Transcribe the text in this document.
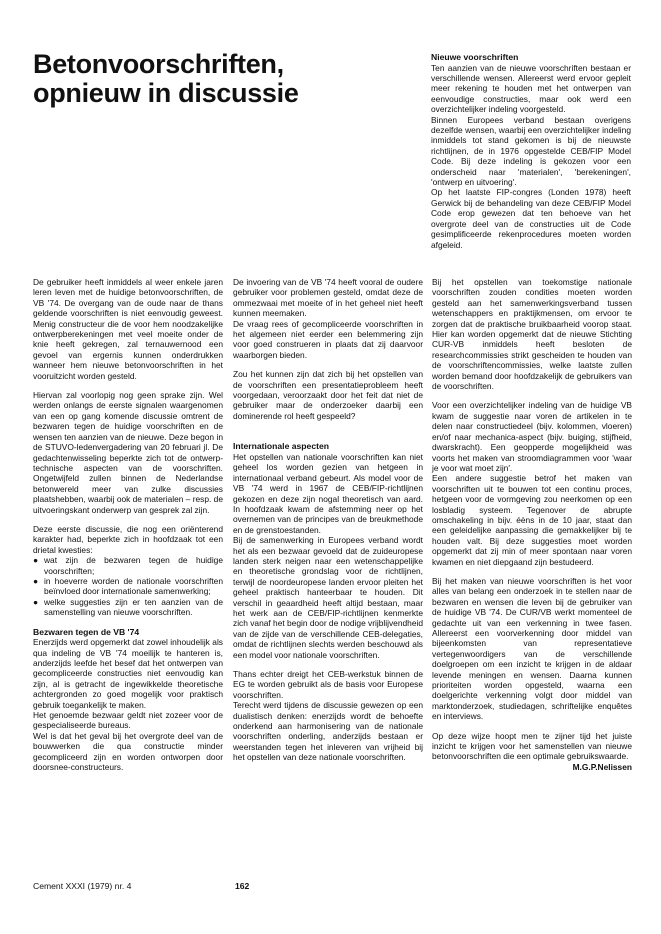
Betonvoorschriften,
opnieuw in discussie
Nieuwe voorschriften

Ten aanzien van de nieuwe voorschriften bestaan er verschillende wensen. Allereerst werd ervoor gepleit meer rekening te houden met het ontwerpen van eenvoudige constructies, maar ook werd een overzichtelijker indeling voorgesteld.

Binnen Europees verband bestaan overigens dezelfde wensen, waarbij een overzichtelijker indeling inmiddels tot stand gekomen is bij de nieuwste richtlijnen, de in 1976 opgestelde CEB/FIP Model Code. Bij deze indeling is gekozen voor een onderscheid naar 'materialen', 'berekeningen', 'ontwerp en uitvoering'.

Op het laatste FIP-congres (Londen 1978) heeft Gerwick bij de behandeling van deze CEB/FIP Model Code erop gewezen dat ten behoeve van het overgrote deel van de constructies uit de Code gesimplificeerde rekenprocedures moeten worden afgeleid.

De gebruiker heeft inmiddels al weer enkele jaren leren leven met de huidige betonvoorschriften, de VB '74. De overgang van de oude naar de thans geldende voorschriften is niet eenvoudig geweest. Menig constructeur die de voor hem noodzakelijke ontwerpberekeningen met veel moeite onder de knie heeft gekregen, zal ternauwernood een gevoel van ergernis kunnen onderdrukken wanneer hem nieuwe betonvoorschriften in het vooruitzicht worden gesteld.

Hiervan zal voorlopig nog geen sprake zijn. Wel werden onlangs de eerste signalen waargenomen van een op gang komende discussie omtrent de bezwaren tegen de huidige voorschriften en de wensen ten aanzien van de nieuwe. Deze begon in de STUVO-ledenvergadering van 20 februari jl. De gedachtenwisseling beperkte zich tot de ontwerp-technische aspecten van de voorschriften. Ongetwijfeld zullen binnen de Nederlandse betonwereld meer van zulke discussies plaatshebben, waarbij ook de materialen – resp. de uitvoeringskant onderwerp van gesprek zal zijn.

Deze eerste discussie, die nog een oriënterend karakter had, beperkte zich in hoofdzaak tot een drietal kwesties:

● wat zijn de bezwaren tegen de huidige voorschriften;
● in hoeverre worden de nationale voorschriften beïnvloed door internationale samenwerking;
● welke suggesties zijn er ten aanzien van de samenstelling van nieuwe voorschriften.
Bezwaren tegen de VB '74

Enerzijds werd opgemerkt dat zowel inhoudelijk als qua indeling de VB '74 moeilijk te hanteren is, anderzijds leefde het besef dat het ontwerpen van gecompliceerde constructies niet eenvoudig kan zijn, al is getracht de ingewikkelde theoretische achtergronden zo goed mogelijk voor praktisch gebruik toegankelijk te maken.

Het genoemde bezwaar geldt niet zozeer voor de gespecialiseerde bureaus.

Wel is dat het geval bij het overgrote deel van de bouwwerken die qua constructie minder gecompliceerd zijn en worden ontworpen door doorsnee-constructeurs.

De invoering van de VB '74 heeft vooral de oudere gebruiker voor problemen gesteld, omdat deze de ommezwaai met moeite of in het geheel niet heeft kunnen meemaken.

De vraag rees of gecompliceerde voorschriften in het algemeen niet eerder een belemmering zijn voor goed construeren in plaats dat zij daarvoor waarborgen bieden.

Zou het kunnen zijn dat zich bij het opstellen van de voorschriften een presentatieprobleem heeft voorgedaan, veroorzaakt door het feit dat niet de gebruiker maar de onderzoeker daarbij een dominerende rol heeft gespeeld?

Internationale aspecten

Het opstellen van nationale voorschriften kan niet geheel los worden gezien van hetgeen in internationaal verband gebeurt. Als model voor de VB '74 werd in 1967 de CEB/FIP-richtlijnen gekozen en deze zijn nogal theoretisch van aard. In hoofdzaak kwam de afstemming neer op het overnemen van de principes van de breukmethode en de grenstoestanden.

Bij de samenwerking in Europees verband wordt het als een bezwaar gevoeld dat de zuideuropese landen sterk neigen naar een wetenschappelijke en theoretische grondslag voor de richtlijnen, terwijl de noordeuropese landen ervoor pleiten het geheel praktisch hanteerbaar te houden. Dit verschil in geaardheid heeft altijd bestaan, maar het werk aan de CEB/FIP-richtlijnen kenmerkte zich vanaf het begin door de nodige vrijblijvendheid van de zijde van de verschillende CEB-delegaties, omdat de richtlijnen slechts werden beschouwd als een model voor nationale voorschriften.

Thans echter dreigt het CEB-werkstuk binnen de EG te worden gebruikt als de basis voor Europese voorschriften.

Terecht werd tijdens de discussie gewezen op een dualistisch denken: enerzijds wordt de behoefte onderkend aan harmonisering van de nationale voorschriften onderling, anderzijds bestaan er weerstanden tegen het inleveren van vrijheid bij het opstellen van deze nationale voorschriften.

Bij het opstellen van toekomstige nationale voorschriften zouden condities moeten worden gesteld aan het samenwerkingsverband tussen wetenschappers en praktijkmensen, om ervoor te zorgen dat de praktische bruikbaarheid voorop staat. Hier kan worden opgemerkt dat de nieuwe Stichting CUR-VB inmiddels heeft besloten de researchcommissies strikt gescheiden te houden van de voorschriftencommissies, welke laatste zullen worden bemand door hoofdzakelijk de gebruikers van de voorschriften.

Voor een overzichtelijker indeling van de huidige VB kwam de suggestie naar voren de artikelen in te delen naar constructiedeel (bijv. kolommen, vloeren) en/of naar mechanica-aspect (bijv. buiging, stijfheid, dwarskracht). Een geopperde mogelijkheid was voorts het maken van stroomdiagrammen voor 'waar je voor wat moet zijn'.

Een andere suggestie betrof het maken van voorschriften uit te bouwen tot een continu proces, hetgeen voor de vormgeving zou neerkomen op een losbladig systeem. Tegenover de abrupte omschakeling in bijv. éèns in de 10 jaar, staat dan een geleidelijke aanpassing die gemakkelijker bij te houden valt. Bij deze suggesties moet worden opgemerkt dat zij min of meer spontaan naar voren kwamen en niet diepgaand zijn bestudeerd.

Bij het maken van nieuwe voorschriften is het voor alles van belang een onderzoek in te stellen naar de bezwaren en wensen die leven bij de gebruiker van de huidige VB '74. De CUR/VB werkt momenteel de gedachte uit van een verkenning in twee fasen. Allereerst een voorverkenning door middel van bijeenkomsten van representatieve vertegenwoordigers van de verschillende doelgroepen om een inzicht te krijgen in de aldaar levende meningen en wensen. Daarna kunnen prioriteiten worden opgesteld, waarna een doelgerichte verkenning volgt door middel van marktonderzoek, studiedagen, schriftelijke enquêtes en interviews.

Op deze wijze hoopt men te zijner tijd het juiste inzicht te krijgen voor het samenstellen van nieuwe betonvoorschriften die een optimale gebruikswaarde.

M.G.P.Nelissen
Cement XXXI (1979) nr. 4	162
